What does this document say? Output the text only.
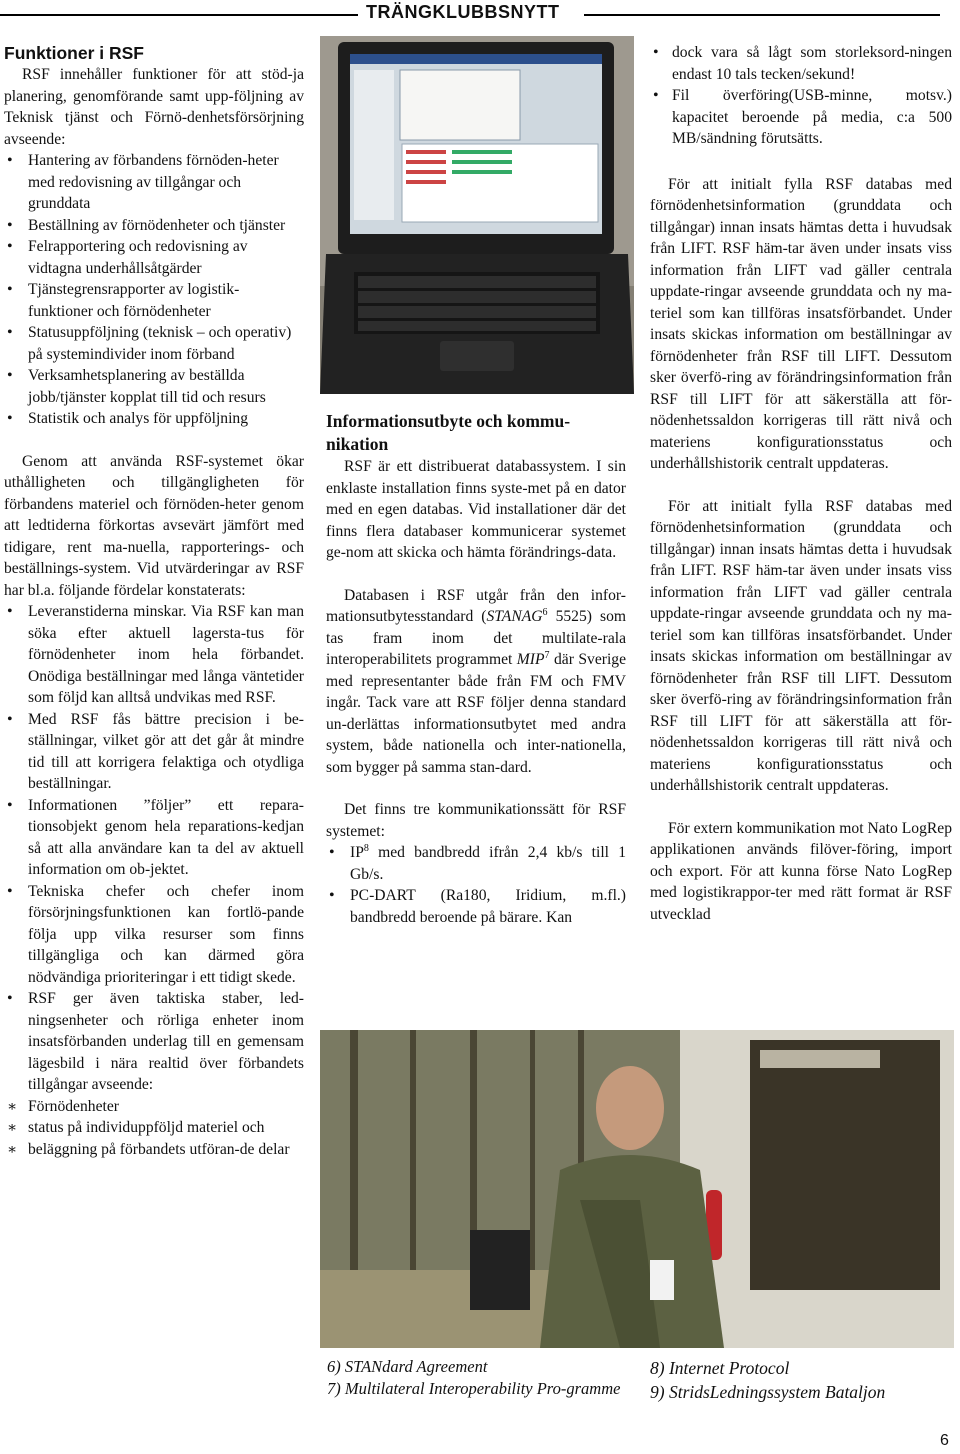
TRÄNGKLUBBSNYTT
Funktioner i RSF

RSF innehåller funktioner för att stöd-ja planering, genomförande samt upp-följning av Teknisk tjänst och Förnö-denhetsförsörjning avseende:

• Hantering av förbandens förnöden-heter med redovisning av tillgångar och grunddata
• Beställning av förnödenheter och tjänster
• Felrapportering och redovisning av vidtagna underhållsåtgärder
• Tjänstegrensrapporter av logistik-funktioner och förnödenheter
• Statusuppföljning (teknisk – och operativ) på systemindivider inom förband
• Verksamhetsplanering av beställda jobb/tjänster kopplat till tid och resurs
• Statistik och analys för uppföljning

Genom att använda RSF-systemet ökar uthålligheten och tillgängligheten för förbandens materiel och förnöden-heter genom att ledtiderna förkortas avsevärt jämfört med tidigare, rent ma-nuella, rapporterings- och beställnings-system. Vid utvärderingar av RSF har bl.a. följande fördelar konstaterats:

• Leveranstiderna minskar. Via RSF kan man söka efter aktuell lagersta-tus för förnödenheter inom hela förbandet. Onödiga beställningar med långa väntetider som följd kan alltså undvikas med RSF.
• Med RSF fås bättre precision i be-ställningar, vilket gör att det går åt mindre tid till att korrigera felaktiga och otydliga beställningar.
• Informationen ”följer” ett repara-tionsobjekt genom hela reparations-kedjan så att alla användare kan ta del av aktuell information om ob-jektet.
• Tekniska chefer och chefer inom försörjningsfunktionen kan fortlö-pande följa upp vilka resurser som finns tillgängliga och kan därmed göra nödvändiga prioriteringar i ett tidigt skede.
• RSF ger även taktiska staber, led-ningsenheter och rörliga enheter inom insatsförbanden underlag till en gemensam lägesbild i nära realtid över förbandets tillgångar avseende:
∗ Förnödenheter
∗ status på individuppföljd materiel och
∗ beläggning på förbandets utföran-de delar
Informationsutbyte och kommu-nikation

RSF är ett distribuerat databassystem. I sin enklaste installation finns syste-met på en dator med en egen databas. Vid installationer där det finns flera databaser kommunicerar systemet ge-nom att skicka och hämta förändrings-data.

Databasen i RSF utgår från den infor-mationsutbytesstandard (STANAG$^6$ 5525) som tas fram inom det multilate-rala interoperabilitets programmet MIP$^7$ där Sverige med representanter både från FM och FMV ingår. Tack vare att RSF följer denna standard un-derlättas informationsutbytet med andra system, både nationella och inter-nationella, som bygger på samma stan-dard.

Det finns tre kommunikationssätt för RSF systemet:

• $IP^8$ med bandbredd ifrån 2,4 kb/s till 1 Gb/s.
• PC-DART (Ra180, Iridium, m.fl.) bandbredd beroende på bärare. Kan
• dock vara så lågt som storleksord-ningen endast 10 tals tecken/sekund!
• Fil överföring(USB-minne, motsv.) kapacitet beroende på media, c:a 500 MB/sändning förutsätts.

För att initialt fylla RSF databas med förnödenhetsinformation (grunddata och tillgångar) innan insats hämtas detta i huvudsak från LIFT. RSF häm-tar även under insats viss information från LIFT vad gäller centrala uppdate-ringar avseende grunddata och ny ma-teriel som kan tillföras insatsförbandet. Under insats skickas information om beställningar av förnödenheter från RSF till LIFT. Dessutom sker överfö-ring av förändringsinformation från RSF till LIFT för att säkerställa att för-nödenhetssaldon korrigeras till rätt nivå och materiens konfigurationsstatus och underhållshistorik centralt uppdateras.

För att initialt fylla RSF databas med förnödenhetsinformation (grunddata och tillgångar) innan insats hämtas detta i huvudsak från LIFT. RSF häm-tar även under insats viss information från LIFT vad gäller centrala uppdate-ringar avseende grunddata och ny ma-teriel som kan tillföras insatsförbandet. Under insats skickas information om beställningar av förnödenheter från RSF till LIFT. Dessutom sker överfö-ring av förändringsinformation från RSF till LIFT för att säkerställa att för-nödenhetssaldon korrigeras till rätt nivå och materiens konfigurationsstatus och underhållshistorik centralt uppdateras.

För extern kommunikation mot Nato LogRep applikationen används filöver-föring, import och export. För att kunna förse Nato LogRep med logistikrappor-ter med rätt format är RSF utvecklad

6) STANdard Agreement
7) Multilateral Interoperability Pro-gramme
8) Internet Protocol
9) StridsLedningssystem Bataljon
6
